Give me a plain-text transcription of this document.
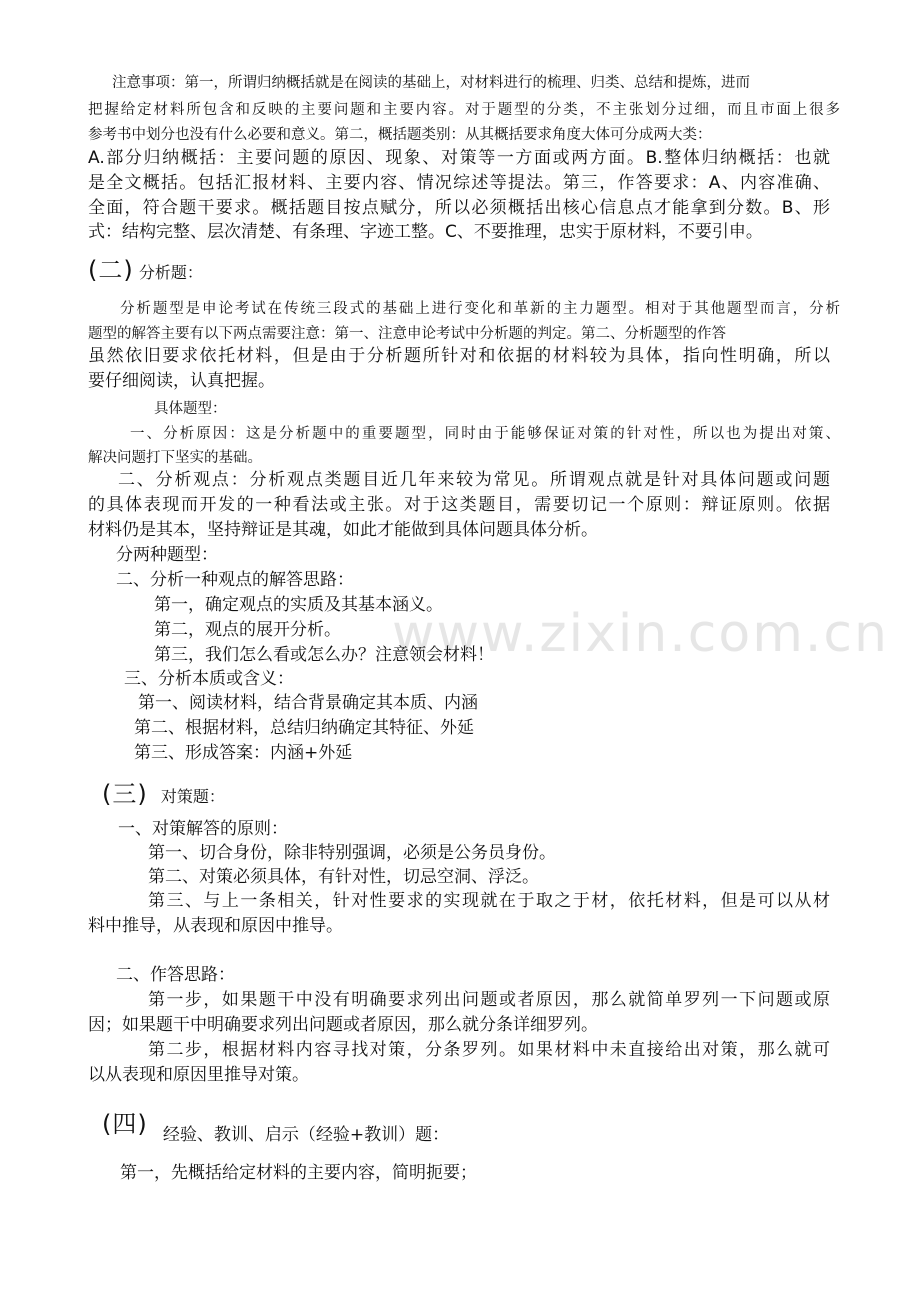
www.zixin.com.cn
注意事项：第一，所谓归纳概括就是在阅读的基础上，对材料进行的梳理、归类、总结和提炼，进而
把握给定材料所包含和反映的主要问题和主要内容。对于题型的分类，不主张划分过细，而且市面上很多
参考书中划分也没有什么必要和意义。第二，概括题类别：从其概括要求角度大体可分成两大类：
A.部分归纳概括：主要问题的原因、现象、对策等一方面或两方面。B.整体归纳概括：也就
是全文概括。包括汇报材料、主要内容、情况综述等提法。第三，作答要求：A、内容准确、
全面，符合题干要求。概括题目按点赋分，所以必须概括出核心信息点才能拿到分数。B、形
式：结构完整、层次清楚、有条理、字迹工整。C、不要推理，忠实于原材料，不要引申。
(二) 分析题：
分析题型是申论考试在传统三段式的基础上进行变化和革新的主力题型。相对于其他题型而言，分析
题型的解答主要有以下两点需要注意：第一、注意申论考试中分析题的判定。第二、分析题型的作答
虽然依旧要求依托材料，但是由于分析题所针对和依据的材料较为具体，指向性明确，所以
要仔细阅读，认真把握。
具体题型：
一、分析原因：这是分析题中的重要题型，同时由于能够保证对策的针对性，所以也为提出对策、
解决问题打下坚实的基础。
二、分析观点：分析观点类题目近几年来较为常见。所谓观点就是针对具体问题或问题
的具体表现而开发的一种看法或主张。对于这类题目，需要切记一个原则：辩证原则。依据
材料仍是其本，坚持辩证是其魂，如此才能做到具体问题具体分析。
分两种题型：
二、分析一种观点的解答思路：
第一，确定观点的实质及其基本涵义。
第二，观点的展开分析。
第三，我们怎么看或怎么办？注意领会材料！
三、分析本质或含义：
第一、阅读材料，结合背景确定其本质、内涵
第二、根据材料，总结归纳确定其特征、外延
第三、形成答案：内涵+外延
(三) 对策题：
一、对策解答的原则：
第一、切合身份，除非特别强调，必须是公务员身份。
第二、对策必须具体，有针对性，切忌空洞、浮泛。
第三、与上一条相关，针对性要求的实现就在于取之于材，依托材料，但是可以从材
料中推导，从表现和原因中推导。
二、作答思路：
第一步，如果题干中没有明确要求列出问题或者原因，那么就简单罗列一下问题或原
因；如果题干中明确要求列出问题或者原因，那么就分条详细罗列。
第二步，根据材料内容寻找对策，分条罗列。如果材料中未直接给出对策，那么就可
以从表现和原因里推导对策。
(四) 经验、教训、启示（经验+教训）题：
第一，先概括给定材料的主要内容，简明扼要；
